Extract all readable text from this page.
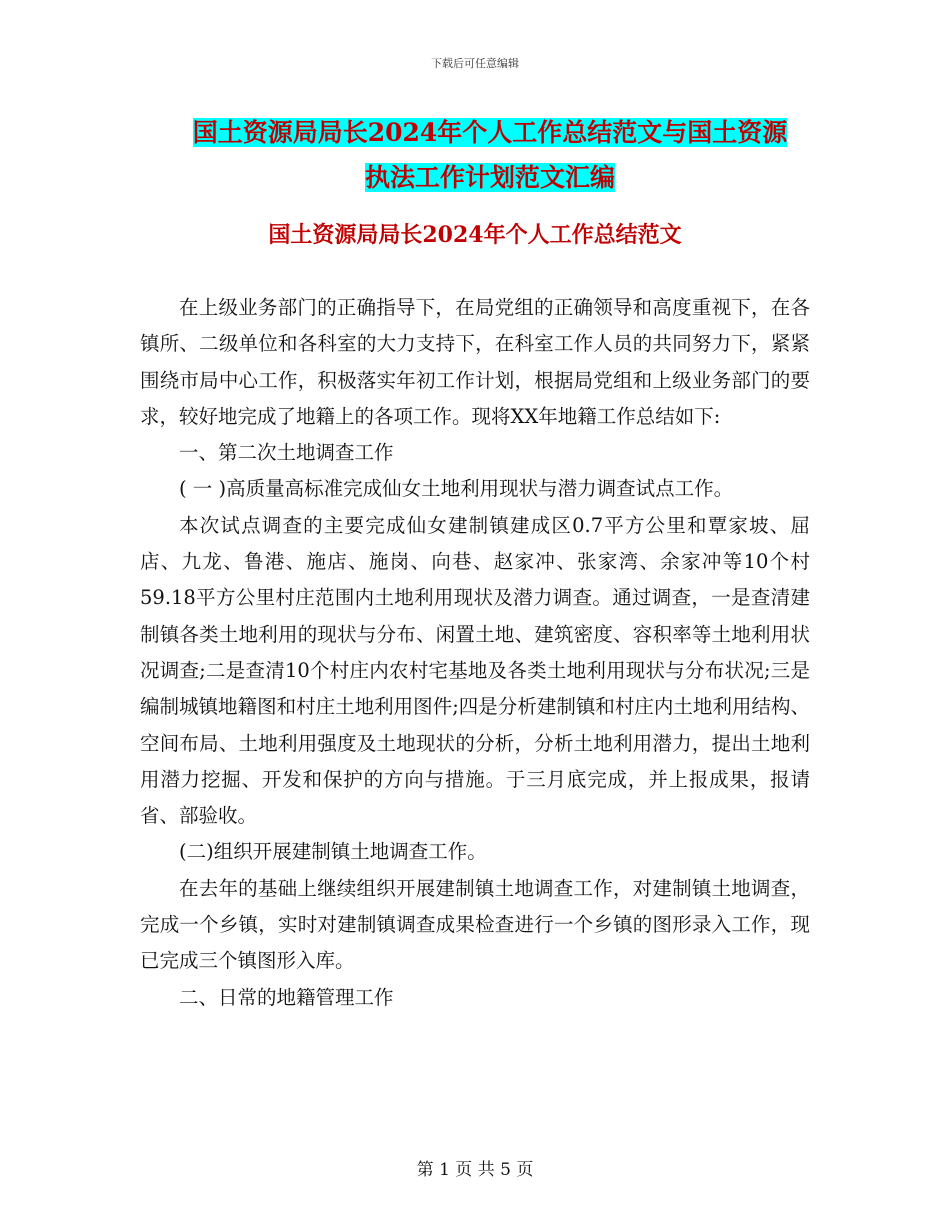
下载后可任意编辑
国土资源局局长2024年个人工作总结范文与国土资源
执法工作计划范文汇编
国土资源局局长2024年个人工作总结范文

在上级业务部门的正确指导下，在局党组的正确领导和高度重视下，在各镇所、二级单位和各科室的大力支持下，在科室工作人员的共同努力下，紧紧围绕市局中心工作，积极落实年初工作计划，根据局党组和上级业务部门的要求，较好地完成了地籍上的各项工作。现将XX年地籍工作总结如下:

一、第二次土地调查工作

( 一 )高质量高标准完成仙女土地利用现状与潜力调查试点工作。

本次试点调查的主要完成仙女建制镇建成区0.7平方公里和覃家坡、屈店、九龙、鲁港、施店、施岗、向巷、赵家冲、张家湾、余家冲等10个村59.18平方公里村庄范围内土地利用现状及潜力调查。通过调查，一是查清建制镇各类土地利用的现状与分布、闲置土地、建筑密度、容积率等土地利用状况调查;二是查清10个村庄内农村宅基地及各类土地利用现状与分布状况;三是编制城镇地籍图和村庄土地利用图件;四是分析建制镇和村庄内土地利用结构、空间布局、土地利用强度及土地现状的分析，分析土地利用潜力，提出土地利用潜力挖掘、开发和保护的方向与措施。于三月底完成，并上报成果，报请省、部验收。

(二)组织开展建制镇土地调查工作。

在去年的基础上继续组织开展建制镇土地调查工作，对建制镇土地调查，完成一个乡镇，实时对建制镇调查成果检查进行一个乡镇的图形录入工作，现已完成三个镇图形入库。

二、日常的地籍管理工作

第 1 页 共 5 页
